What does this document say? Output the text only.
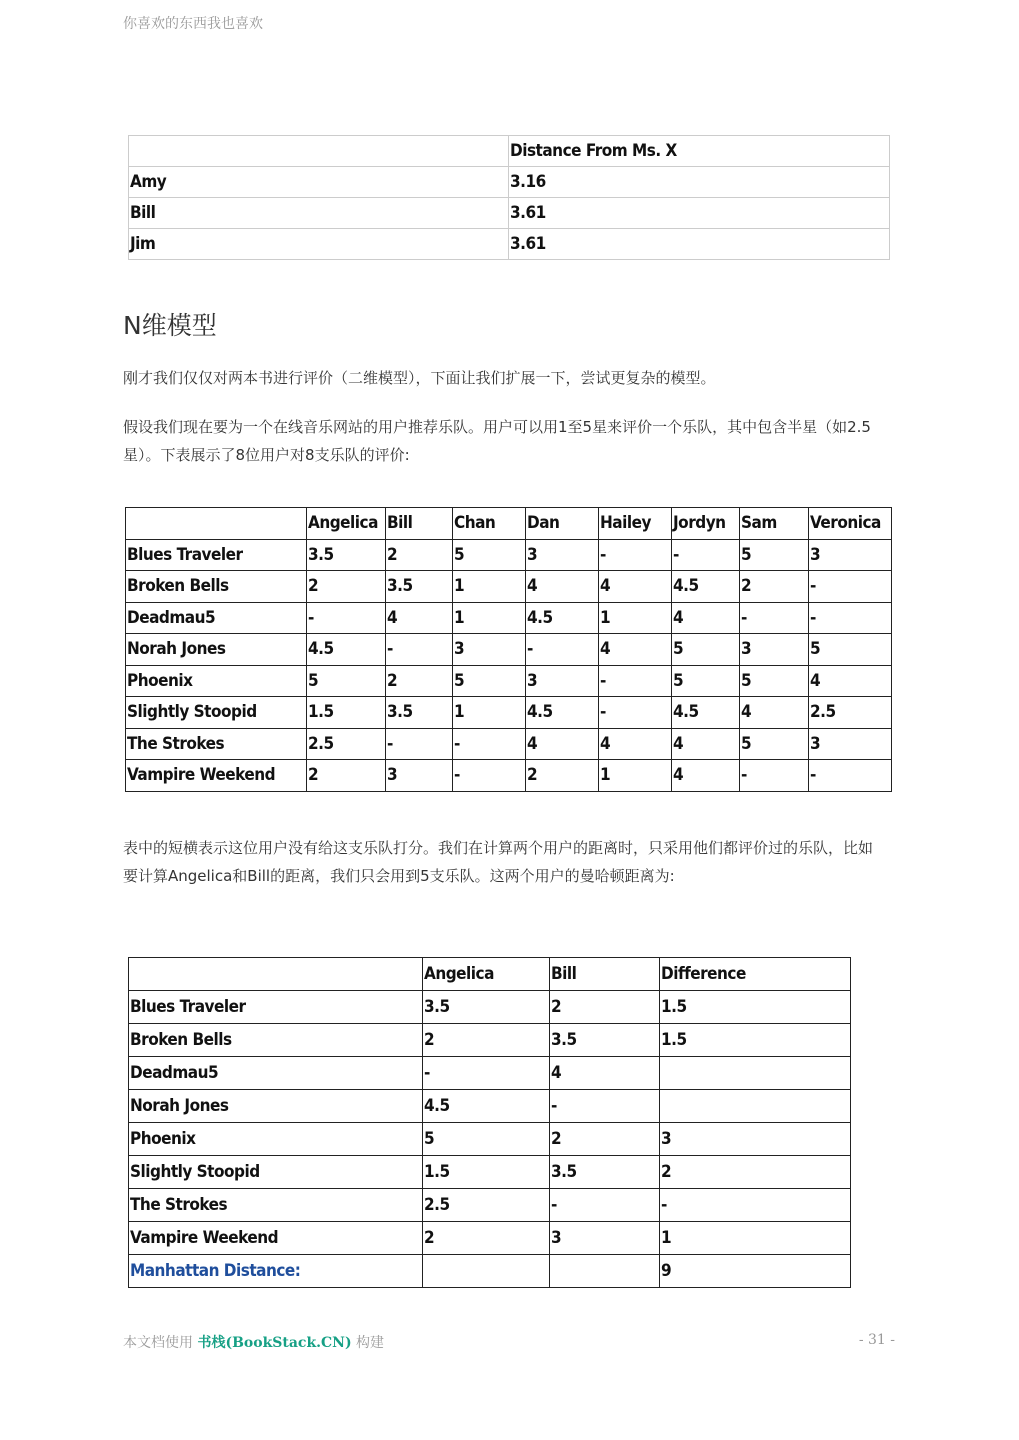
你喜欢的东西我也喜欢
	Distance From Ms. X
Amy	3.16
Bill	3.61
Jim	3.61
N维模型

刚才我们仅仅对两本书进行评价（二维模型），下面让我们扩展一下，尝试更复杂的模型。

假设我们现在要为一个在线音乐网站的用户推荐乐队。用户可以用1至5星来评价一个乐队，其中包含半星（如2.5星）。下表展示了8位用户对8支乐队的评价:

	Angelica	Bill	Chan	Dan	Hailey	Jordyn	Sam	Veronica
Blues Traveler	3.5	2	5	3	-	-	5	3
Broken Bells	2	3.5	1	4	4	4.5	2	-
Deadmau5	-	4	1	4.5	1	4	-	-
Norah Jones	4.5	-	3	-	4	5	3	5
Phoenix	5	2	5	3	-	5	5	4
Slightly Stoopid	1.5	3.5	1	4.5	-	4.5	4	2.5
The Strokes	2.5	-	-	4	4	4	5	3
Vampire Weekend	2	3	-	2	1	4	-	-

表中的短横表示这位用户没有给这支乐队打分。我们在计算两个用户的距离时，只采用他们都评价过的乐队，比如要计算Angelica和Bill的距离，我们只会用到5支乐队。这两个用户的曼哈顿距离为:

	Angelica	Bill	Difference
Blues Traveler	3.5	2	1.5
Broken Bells	2	3.5	1.5
Deadmau5	-	4	
Norah Jones	4.5	-	
Phoenix	5	2	3
Slightly Stoopid	1.5	3.5	2
The Strokes	2.5	-	-
Vampire Weekend	2	3	1
Manhattan Distance:			9
本文档使用 书栈(BookStack.CN) 构建	- 31 -
